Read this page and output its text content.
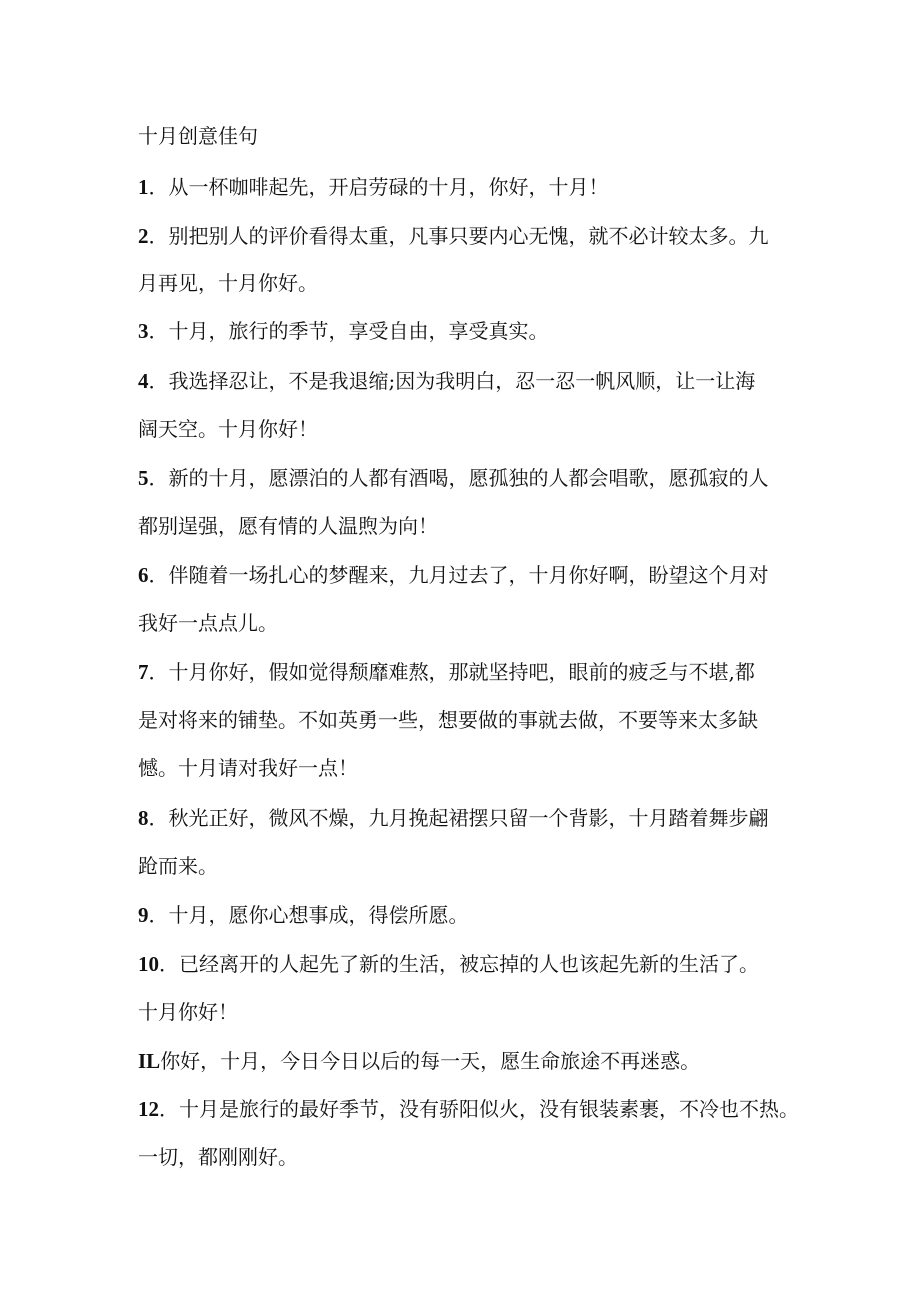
十月创意佳句

1．从一杯咖啡起先，开启劳碌的十月，你好，十月！

2．别把别人的评价看得太重，凡事只要内心无愧，就不必计较太多。九

月再见，十月你好。

3．十月，旅行的季节，享受自由，享受真实。

4．我选择忍让，不是我退缩;因为我明白，忍一忍一帆风顺，让一让海

阔天空。十月你好！

5．新的十月，愿漂泊的人都有酒喝，愿孤独的人都会唱歌，愿孤寂的人

都别逞强，愿有情的人温煦为向！

6．伴随着一场扎心的梦醒来，九月过去了，十月你好啊，盼望这个月对

我好一点点儿。

7．十月你好，假如觉得颓靡难熬，那就坚持吧，眼前的疲乏与不堪,都

是对将来的铺垫。不如英勇一些，想要做的事就去做，不要等来太多缺

憾。十月请对我好一点！

8．秋光正好，微风不燥，九月挽起裙摆只留一个背影，十月踏着舞步翩

跄而来。

9．十月，愿你心想事成，得偿所愿。

10．已经离开的人起先了新的生活，被忘掉的人也该起先新的生活了。

十月你好！

IL你好，十月，今日今日以后的每一天，愿生命旅途不再迷惑。

12．十月是旅行的最好季节，没有骄阳似火，没有银装素裹，不冷也不热。

一切，都刚刚好。
